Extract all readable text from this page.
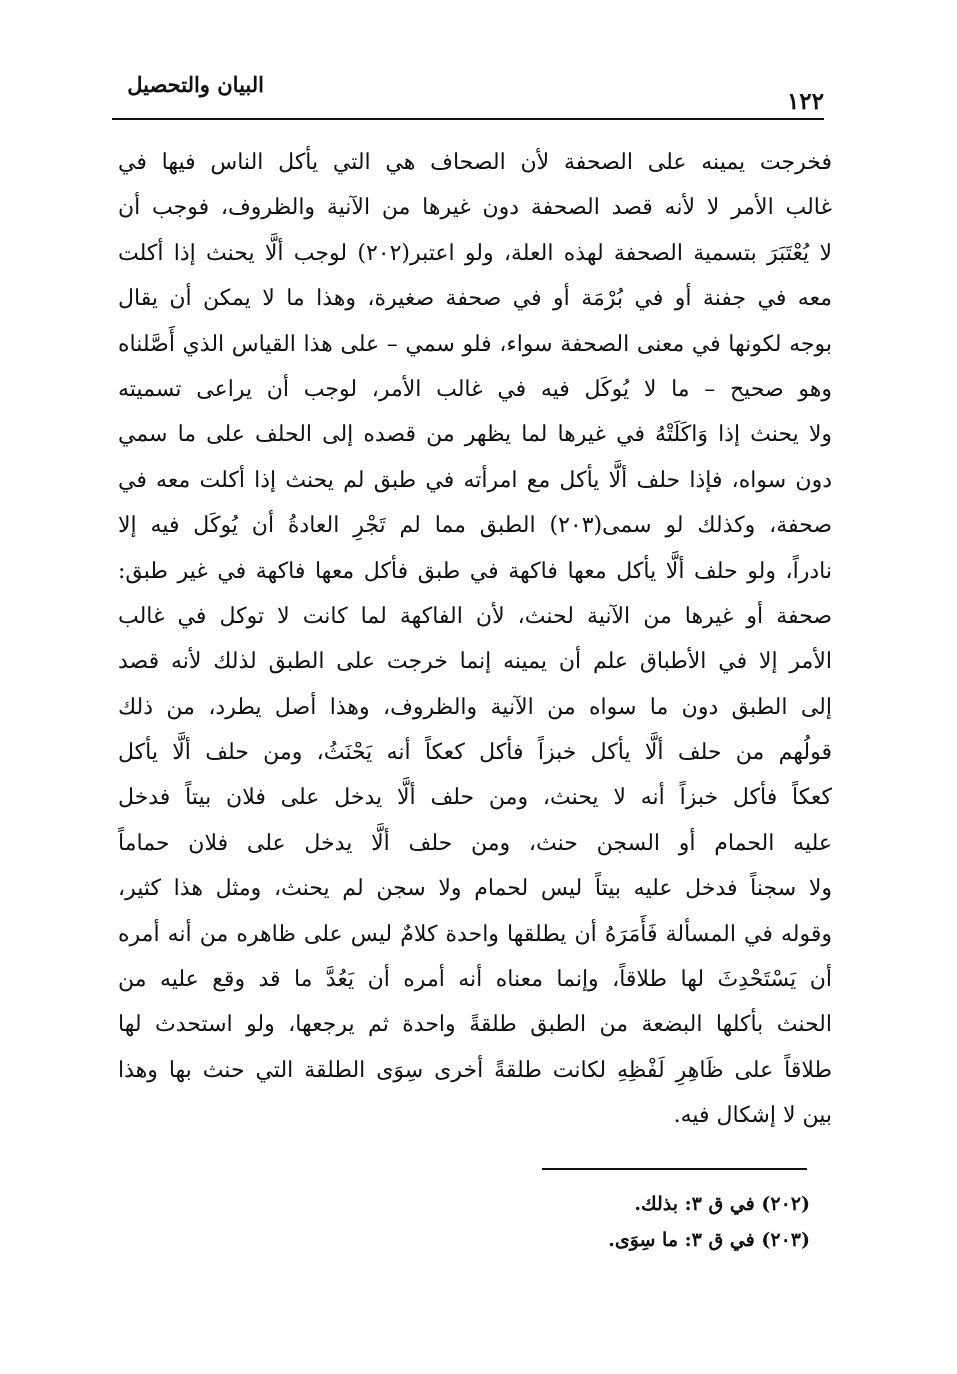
البيان والتحصيل
١٢٢
فخرجت يمينه على الصحفة لأن الصحاف هي التي يأكل الناس فيها في
غالب الأمر لا لأنه قصد الصحفة دون غيرها من الآنية والظروف، فوجب أن
لا يُعْتَبَرَ بتسمية الصحفة لهذه العلة، ولو اعتبر(٢٠٢) لوجب ألَّا يحنث إذا أكلت
معه في جفنة أو في بُرْمَة أو في صحفة صغيرة، وهذا ما لا يمكن أن يقال
بوجه لكونها في معنى الصحفة سواء، فلو سمي – على هذا القياس الذي أَصَّلناه
وهو صحيح – ما لا يُوكَل فيه في غالب الأمر، لوجب أن يراعى تسميته
ولا يحنث إذا وَاكَلَتْهُ في غيرها لما يظهر من قصده إلى الحلف على ما سمي
دون سواه، فإذا حلف ألَّا يأكل مع امرأته في طبق لم يحنث إذا أكلت معه في
صحفة، وكذلك لو سمى(٢٠٣) الطبق مما لم تَجْرِ العادةُ أن يُوكَل فيه إلا
نادراً، ولو حلف ألَّا يأكل معها فاكهة في طبق فأكل معها فاكهة في غير طبق:
صحفة أو غيرها من الآنية لحنث، لأن الفاكهة لما كانت لا توكل في غالب
الأمر إلا في الأطباق علم أن يمينه إنما خرجت على الطبق لذلك لأنه قصد
إلى الطبق دون ما سواه من الآنية والظروف، وهذا أصل يطرد، من ذلك
قولُهم من حلف ألَّا يأكل خبزاً فأكل كعكاً أنه يَحْنَثُ، ومن حلف ألَّا يأكل
كعكاً فأكل خبزاً أنه لا يحنث، ومن حلف ألَّا يدخل على فلان بيتاً فدخل
عليه الحمام أو السجن حنث، ومن حلف ألَّا يدخل على فلان حماماً
ولا سجناً فدخل عليه بيتاً ليس لحمام ولا سجن لم يحنث، ومثل هذا كثير،
وقوله في المسألة فَأَمَرَهُ أن يطلقها واحدة كلامٌ ليس على ظاهره من أنه أمره
أن يَسْتَحْدِثَ لها طلاقاً، وإنما معناه أنه أمره أن يَعُدَّ ما قد وقع عليه من
الحنث بأكلها البضعة من الطبق طلقةً واحدة ثم يرجعها، ولو استحدث لها
طلاقاً على ظَاهِرِ لَفْظِهِ لكانت طلقةً أخرى سِوَى الطلقة التي حنث بها وهذا
بين لا إشكال فيه.
(٢٠٢) في ق ٣: بذلك.
(٢٠٣) في ق ٣: ما سِوَى.
